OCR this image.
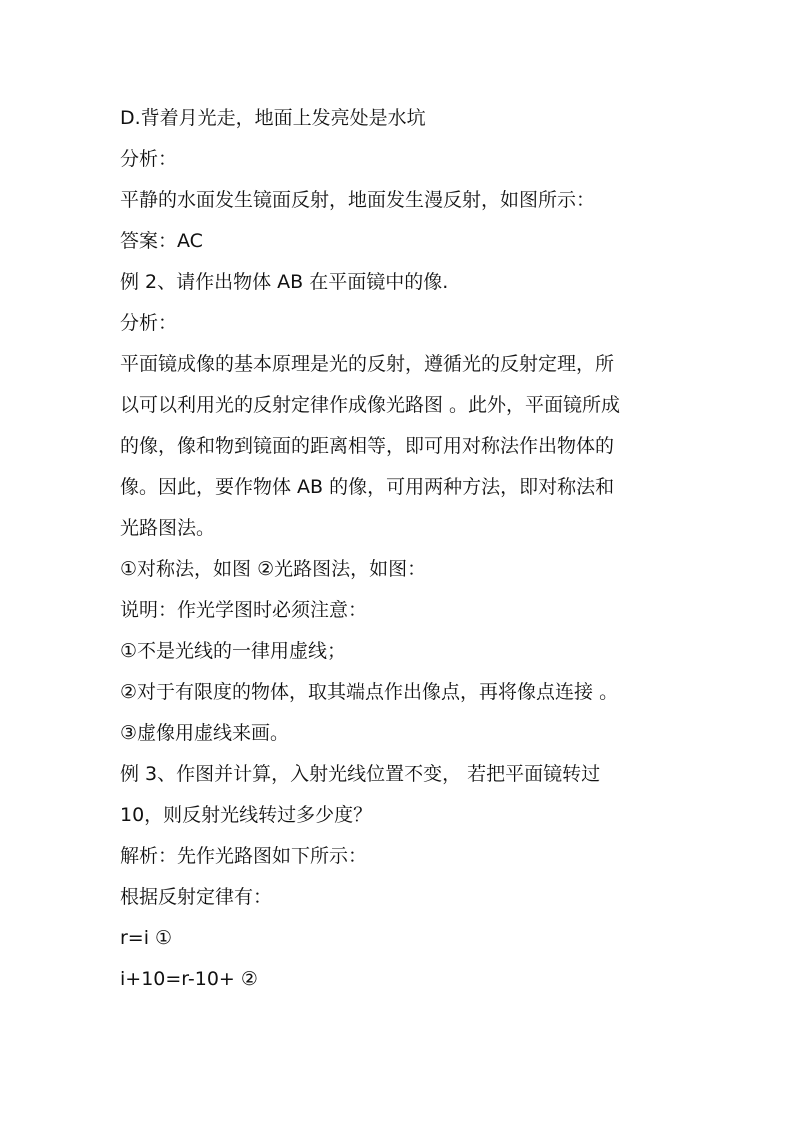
D.背着月光走，地面上发亮处是水坑
分析：
平静的水面发生镜面反射，地面发生漫反射，如图所示：
答案：AC
例 2、请作出物体 AB 在平面镜中的像.
分析：
平面镜成像的基本原理是光的反射，遵循光的反射定理，所
以可以利用光的反射定律作成像光路图 。此外，平面镜所成
的像，像和物到镜面的距离相等，即可用对称法作出物体的
像。因此，要作物体 AB 的像，可用两种方法，即对称法和
光路图法。
①对称法，如图 ②光路图法，如图：
说明：作光学图时必须注意：
①不是光线的一律用虚线；
②对于有限度的物体，取其端点作出像点，再将像点连接 。
③虚像用虚线来画。
例 3、作图并计算，入射光线位置不变， 若把平面镜转过
10，则反射光线转过多少度？
解析：先作光路图如下所示：
根据反射定律有：
r=i ①
i+10=r-10+ ②
